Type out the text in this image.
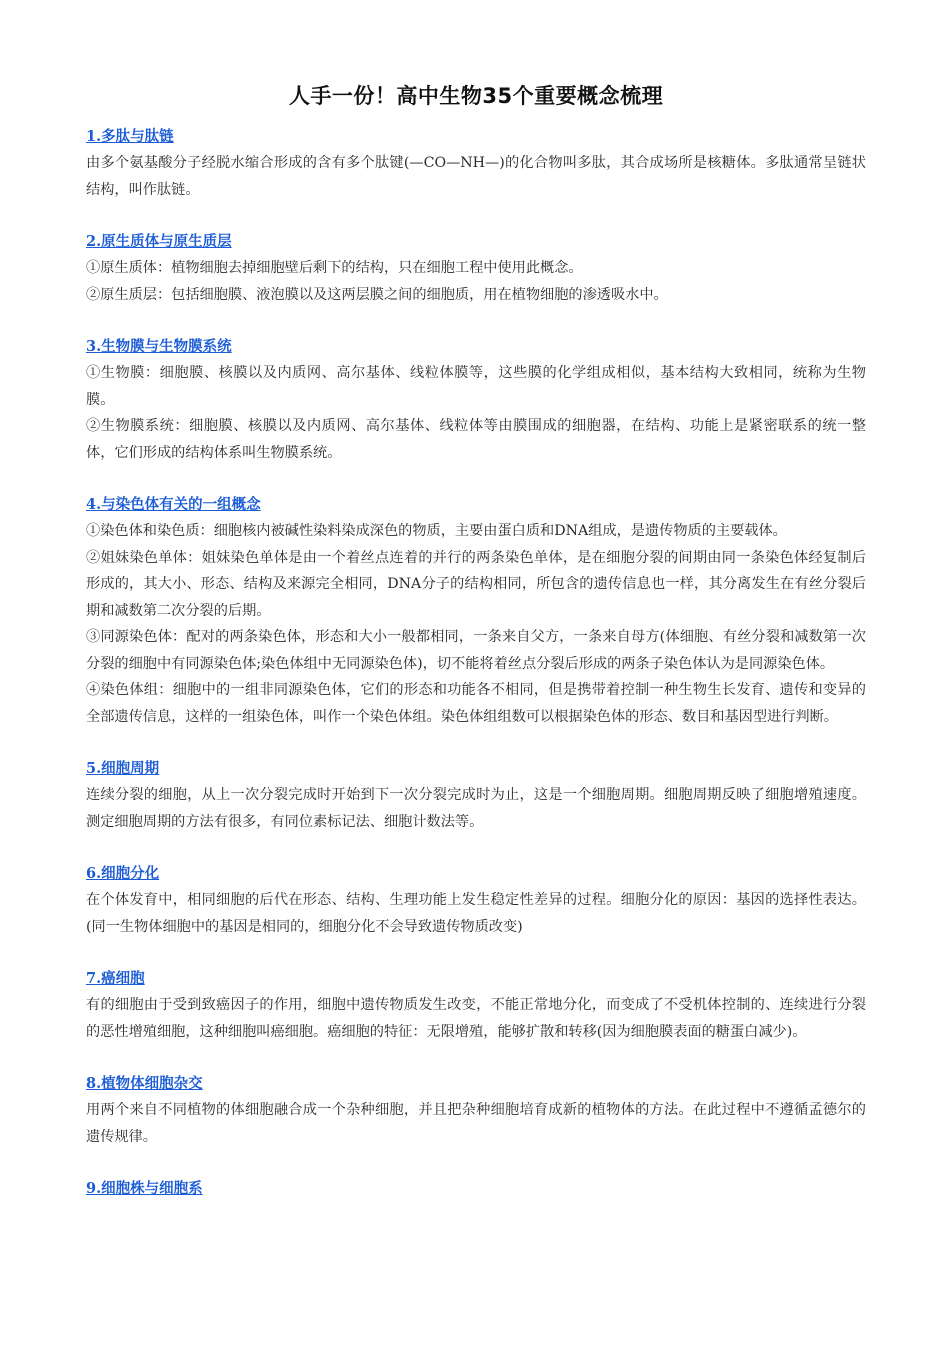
人手一份！高中生物35个重要概念梳理
1.多肽与肽链

由多个氨基酸分子经脱水缩合形成的含有多个肽键(—CO—NH—)的化合物叫多肽，其合成场所是核糖体。多肽通常呈链状结构，叫作肽链。

2.原生质体与原生质层

①原生质体：植物细胞去掉细胞壁后剩下的结构，只在细胞工程中使用此概念。

②原生质层：包括细胞膜、液泡膜以及这两层膜之间的细胞质，用在植物细胞的渗透吸水中。

3.生物膜与生物膜系统

①生物膜：细胞膜、核膜以及内质网、高尔基体、线粒体膜等，这些膜的化学组成相似，基本结构大致相同，统称为生物膜。

②生物膜系统：细胞膜、核膜以及内质网、高尔基体、线粒体等由膜围成的细胞器，在结构、功能上是紧密联系的统一整体，它们形成的结构体系叫生物膜系统。

4.与染色体有关的一组概念

①染色体和染色质：细胞核内被碱性染料染成深色的物质，主要由蛋白质和DNA组成，是遗传物质的主要载体。

②姐妹染色单体：姐妹染色单体是由一个着丝点连着的并行的两条染色单体，是在细胞分裂的间期由同一条染色体经复制后形成的，其大小、形态、结构及来源完全相同，DNA分子的结构相同，所包含的遗传信息也一样，其分离发生在有丝分裂后期和减数第二次分裂的后期。

③同源染色体：配对的两条染色体，形态和大小一般都相同，一条来自父方，一条来自母方(体细胞、有丝分裂和减数第一次分裂的细胞中有同源染色体;染色体组中无同源染色体)，切不能将着丝点分裂后形成的两条子染色体认为是同源染色体。

④染色体组：细胞中的一组非同源染色体，它们的形态和功能各不相同，但是携带着控制一种生物生长发育、遗传和变异的全部遗传信息，这样的一组染色体，叫作一个染色体组。染色体组组数可以根据染色体的形态、数目和基因型进行判断。

5.细胞周期

连续分裂的细胞，从上一次分裂完成时开始到下一次分裂完成时为止，这是一个细胞周期。细胞周期反映了细胞增殖速度。测定细胞周期的方法有很多，有同位素标记法、细胞计数法等。

6.细胞分化

在个体发育中，相同细胞的后代在形态、结构、生理功能上发生稳定性差异的过程。细胞分化的原因：基因的选择性表达。(同一生物体细胞中的基因是相同的，细胞分化不会导致遗传物质改变)

7.癌细胞

有的细胞由于受到致癌因子的作用，细胞中遗传物质发生改变，不能正常地分化，而变成了不受机体控制的、连续进行分裂的恶性增殖细胞，这种细胞叫癌细胞。癌细胞的特征：无限增殖，能够扩散和转移(因为细胞膜表面的糖蛋白减少)。

8.植物体细胞杂交

用两个来自不同植物的体细胞融合成一个杂种细胞，并且把杂种细胞培育成新的植物体的方法。在此过程中不遵循孟德尔的遗传规律。

9.细胞株与细胞系
